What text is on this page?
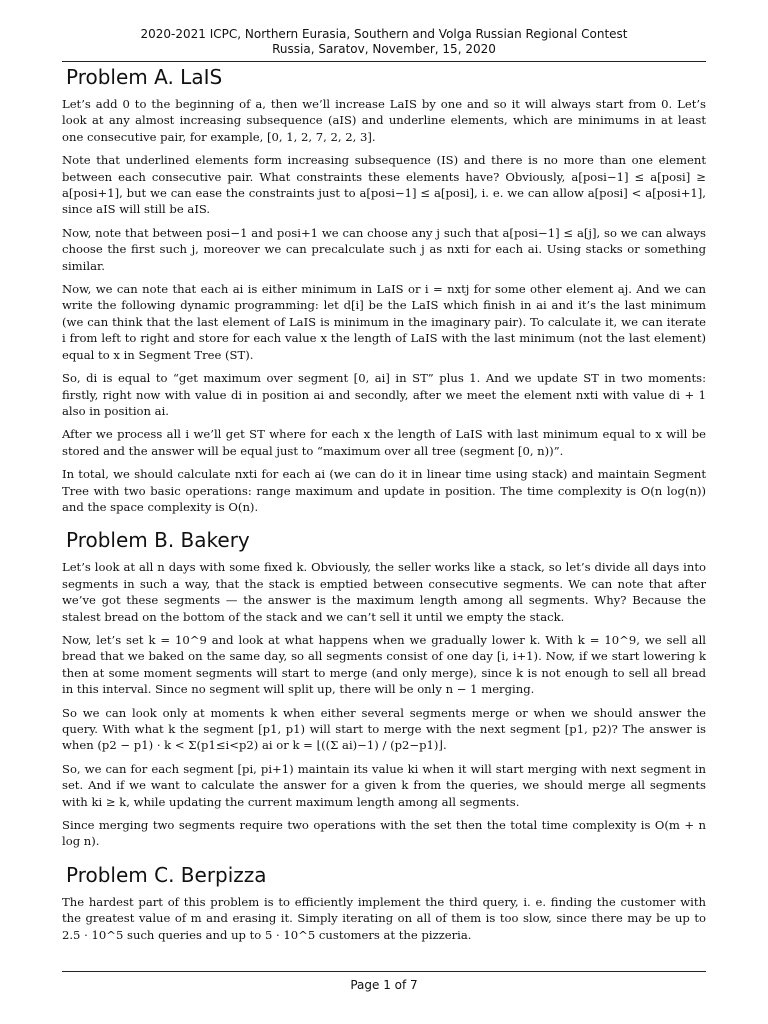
2020-2021 ICPC, Northern Eurasia, Southern and Volga Russian Regional Contest
Russia, Saratov, November, 15, 2020
Problem A. LaIS

Let’s add 0 to the beginning of a, then we’ll increase LaIS by one and so it will always start from 0. Let’s look at any almost increasing subsequence (aIS) and underline elements, which are minimums in at least one consecutive pair, for example, [0, 1, 2, 7, 2, 2, 3].

Note that underlined elements form increasing subsequence (IS) and there is no more than one element between each consecutive pair. What constraints these elements have? Obviously, a[posi−1] ≤ a[posi] ≥ a[posi+1], but we can ease the constraints just to a[posi−1] ≤ a[posi], i. e. we can allow a[posi] < a[posi+1], since aIS will still be aIS.

Now, note that between posi−1 and posi+1 we can choose any j such that a[posi−1] ≤ a[j], so we can always choose the first such j, moreover we can precalculate such j as nxti for each ai. Using stacks or something similar.

Now, we can note that each ai is either minimum in LaIS or i = nxtj for some other element aj. And we can write the following dynamic programming: let d[i] be the LaIS which finish in ai and it’s the last minimum (we can think that the last element of LaIS is minimum in the imaginary pair). To calculate it, we can iterate i from left to right and store for each value x the length of LaIS with the last minimum (not the last element) equal to x in Segment Tree (ST).

So, di is equal to “get maximum over segment [0, ai] in ST” plus 1. And we update ST in two moments: firstly, right now with value di in position ai and secondly, after we meet the element nxti with value di + 1 also in position ai.

After we process all i we’ll get ST where for each x the length of LaIS with last minimum equal to x will be stored and the answer will be equal just to “maximum over all tree (segment [0, n))”.

In total, we should calculate nxti for each ai (we can do it in linear time using stack) and maintain Segment Tree with two basic operations: range maximum and update in position. The time complexity is O(n log(n)) and the space complexity is O(n).

Problem B. Bakery

Let’s look at all n days with some fixed k. Obviously, the seller works like a stack, so let’s divide all days into segments in such a way, that the stack is emptied between consecutive segments. We can note that after we’ve got these segments — the answer is the maximum length among all segments. Why? Because the stalest bread on the bottom of the stack and we can’t sell it until we empty the stack.

Now, let’s set k = 10^9 and look at what happens when we gradually lower k. With k = 10^9, we sell all bread that we baked on the same day, so all segments consist of one day [i, i+1). Now, if we start lowering k then at some moment segments will start to merge (and only merge), since k is not enough to sell all bread in this interval. Since no segment will split up, there will be only n − 1 merging.

So we can look only at moments k when either several segments merge or when we should answer the query. With what k the segment [p1, p1) will start to merge with the next segment [p1, p2)? The answer is when (p2 − p1) · k < Σ(p1≤i<p2) ai or k = ⌊((Σ ai)−1) / (p2−p1)⌋.

So, we can for each segment [pi, pi+1) maintain its value ki when it will start merging with next segment in set. And if we want to calculate the answer for a given k from the queries, we should merge all segments with ki ≥ k, while updating the current maximum length among all segments.

Since merging two segments require two operations with the set then the total time complexity is O(m + n log n).

Problem C. Berpizza

The hardest part of this problem is to efficiently implement the third query, i. e. finding the customer with the greatest value of m and erasing it. Simply iterating on all of them is too slow, since there may be up to 2.5 · 10^5 such queries and up to 5 · 10^5 customers at the pizzeria.

Page 1 of 7
